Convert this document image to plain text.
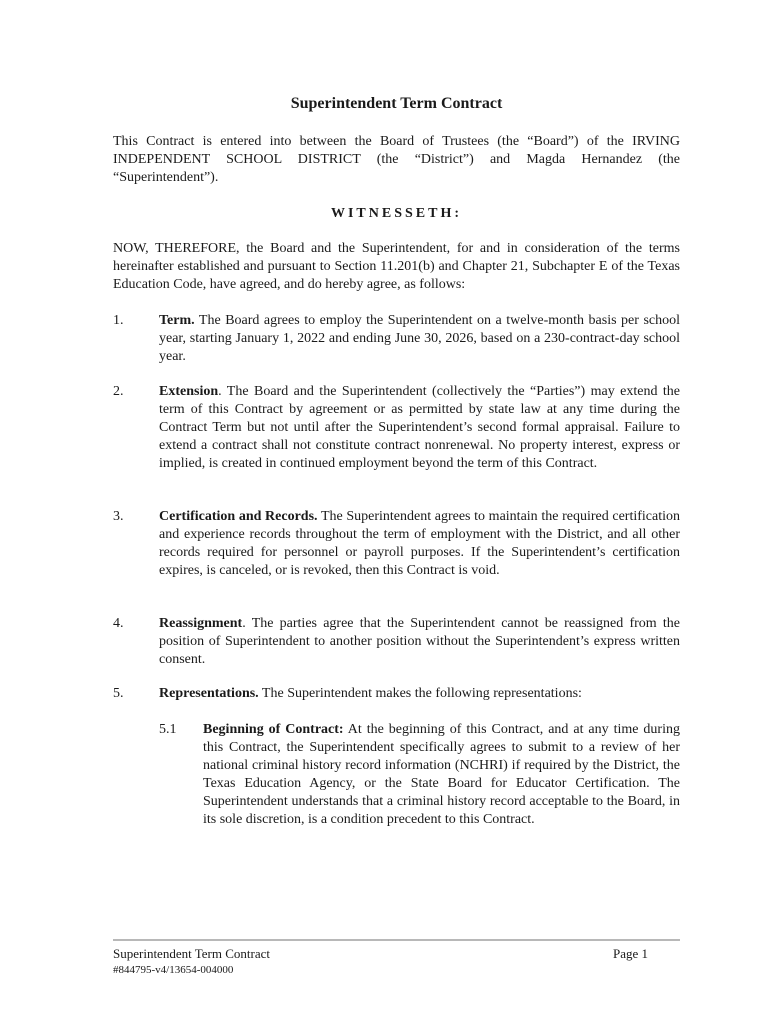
Superintendent Term Contract
This Contract is entered into between the Board of Trustees (the “Board”) of the IRVING INDEPENDENT SCHOOL DISTRICT (the “District”) and Magda Hernandez (the “Superintendent”).
WITNESSETH:
NOW, THEREFORE, the Board and the Superintendent, for and in consideration of the terms hereinafter established and pursuant to Section 11.201(b) and Chapter 21, Subchapter E of the Texas Education Code, have agreed, and do hereby agree, as follows:
1.	Term. The Board agrees to employ the Superintendent on a twelve-month basis per school year, starting January 1, 2022 and ending June 30, 2026, based on a 230-contract-day school year.
2.	Extension. The Board and the Superintendent (collectively the “Parties”) may extend the term of this Contract by agreement or as permitted by state law at any time during the Contract Term but not until after the Superintendent’s second formal appraisal. Failure to extend a contract shall not constitute contract nonrenewal. No property interest, express or implied, is created in continued employment beyond the term of this Contract.
3.	Certification and Records. The Superintendent agrees to maintain the required certification and experience records throughout the term of employment with the District, and all other records required for personnel or payroll purposes. If the Superintendent’s certification expires, is canceled, or is revoked, then this Contract is void.
4.	Reassignment. The parties agree that the Superintendent cannot be reassigned from the position of Superintendent to another position without the Superintendent’s express written consent.
5.	Representations. The Superintendent makes the following representations:
5.1	Beginning of Contract: At the beginning of this Contract, and at any time during this Contract, the Superintendent specifically agrees to submit to a review of her national criminal history record information (NCHRI) if required by the District, the Texas Education Agency, or the State Board for Educator Certification. The Superintendent understands that a criminal history record acceptable to the Board, in its sole discretion, is a condition precedent to this Contract.
Superintendent Term Contract	Page 1
#844795-v4/13654-004000
